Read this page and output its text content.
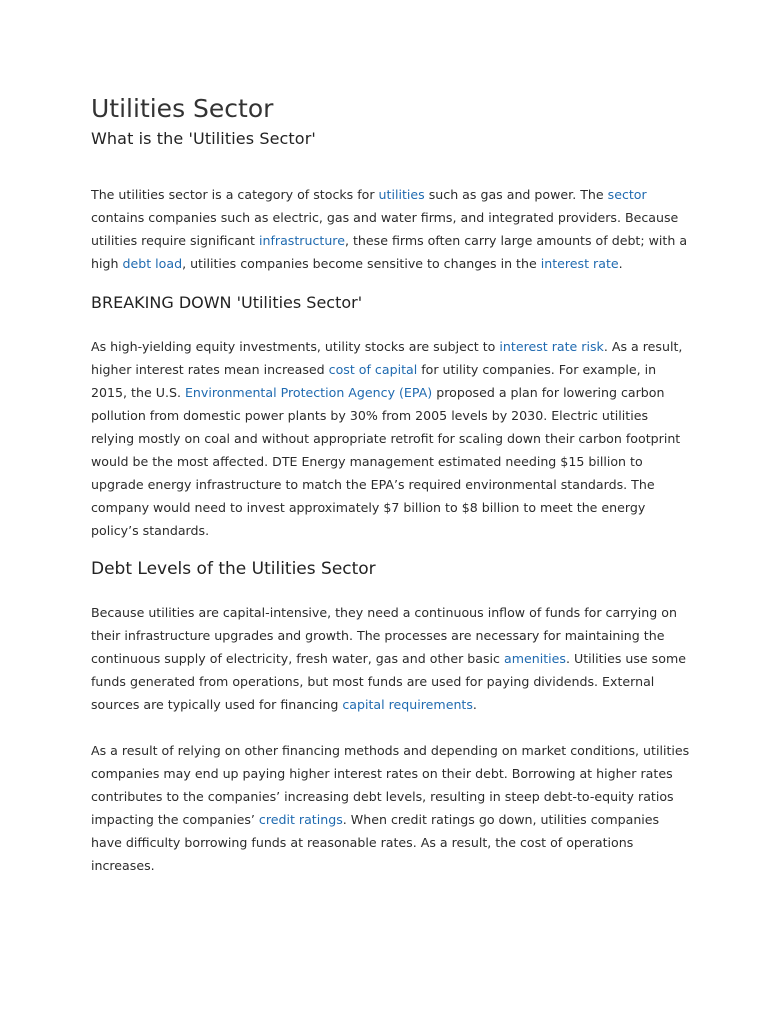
Utilities Sector
What is the 'Utilities Sector'

The utilities sector is a category of stocks for utilities such as gas and power. The sector contains companies such as electric, gas and water firms, and integrated providers. Because utilities require significant infrastructure, these firms often carry large amounts of debt; with a high debt load, utilities companies become sensitive to changes in the interest rate.

BREAKING DOWN 'Utilities Sector'

As high-yielding equity investments, utility stocks are subject to interest rate risk. As a result, higher interest rates mean increased cost of capital for utility companies. For example, in 2015, the U.S. Environmental Protection Agency (EPA) proposed a plan for lowering carbon pollution from domestic power plants by 30% from 2005 levels by 2030. Electric utilities relying mostly on coal and without appropriate retrofit for scaling down their carbon footprint would be the most affected. DTE Energy management estimated needing $15 billion to upgrade energy infrastructure to match the EPA’s required environmental standards. The company would need to invest approximately $7 billion to $8 billion to meet the energy policy’s standards.

Debt Levels of the Utilities Sector

Because utilities are capital-intensive, they need a continuous inflow of funds for carrying on their infrastructure upgrades and growth. The processes are necessary for maintaining the continuous supply of electricity, fresh water, gas and other basic amenities. Utilities use some funds generated from operations, but most funds are used for paying dividends. External sources are typically used for financing capital requirements.

As a result of relying on other financing methods and depending on market conditions, utilities companies may end up paying higher interest rates on their debt. Borrowing at higher rates contributes to the companies’ increasing debt levels, resulting in steep debt-to-equity ratios impacting the companies’ credit ratings. When credit ratings go down, utilities companies have difficulty borrowing funds at reasonable rates. As a result, the cost of operations increases.
